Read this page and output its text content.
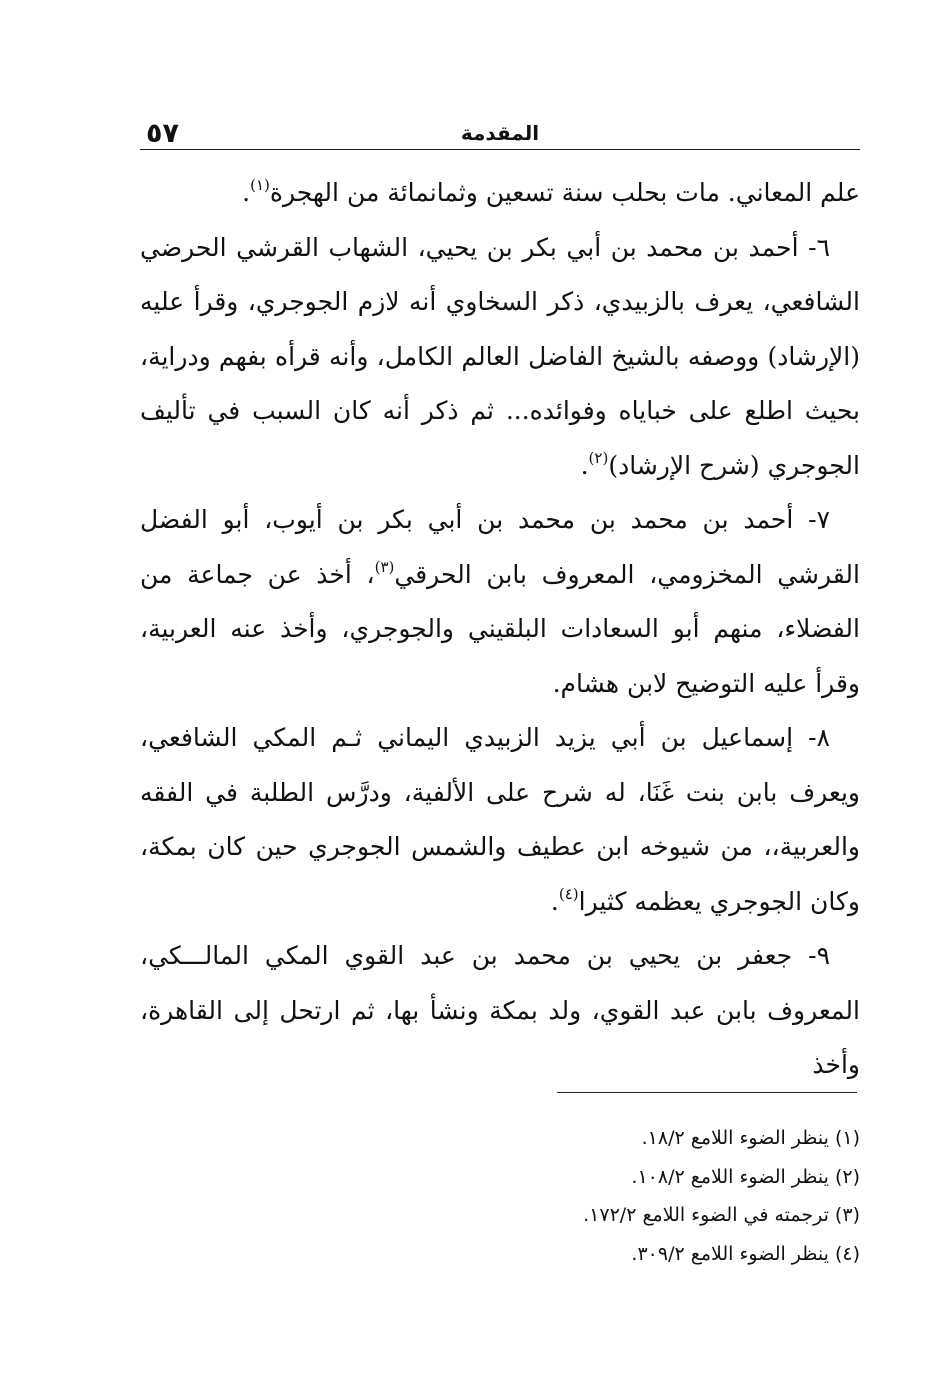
٥٧	المقدمة

علم المعاني. مات بحلب سنة تسعين وثمانمائة من الهجرة$^{(١)}$.

٦- أحمد بن محمد بن أبي بكر بن يحيي، الشهاب القرشي الحرضي الشافعي، يعرف بالزبيدي، ذكر السخاوي أنه لازم الجوجري، وقرأ عليه (الإرشاد) ووصفه بالشيخ الفاضل العالم الكامل، وأنه قرأه بفهم ودراية، بحيث اطلع على خباياه وفوائده... ثم ذكر أنه كان السبب في تأليف الجوجري (شرح الإرشاد)$^{(٢)}$.

٧- أحمد بن محمد بن محمد بن أبي بكر بن أيوب، أبو الفضل القرشي المخزومي، المعروف بابن الحرقي$^{(٣)}$، أخذ عن جماعة من الفضلاء، منهم أبو السعادات البلقيني والجوجري، وأخذ عنه العربية، وقرأ عليه التوضيح لابن هشام.

٨- إسماعيل بن أبي يزيد الزبيدي اليماني ثـم المكي الشافعي، ويعرف بابن بنت غَنَا، له شرح على الألفية، ودرَّس الطلبة في الفقه والعربية،، من شيوخه ابن عطيف والشمس الجوجري حين كان بمكة، وكان الجوجري يعظمه كثيرا$^{(٤)}$.

٩- جعفر بن يحيي بن محمد بن عبد القوي المكي المالـــكي، المعروف بابن عبد القوي، ولد بمكة ونشأ بها، ثم ارتحل إلى القاهرة، وأخذ

(١) ينظر الضوء اللامع ١٨/٢.
(٢) ينظر الضوء اللامع ١٠٨/٢.
(٣) ترجمته في الضوء اللامع ١٧٢/٢.
(٤) ينظر الضوء اللامع ٣٠٩/٢.
